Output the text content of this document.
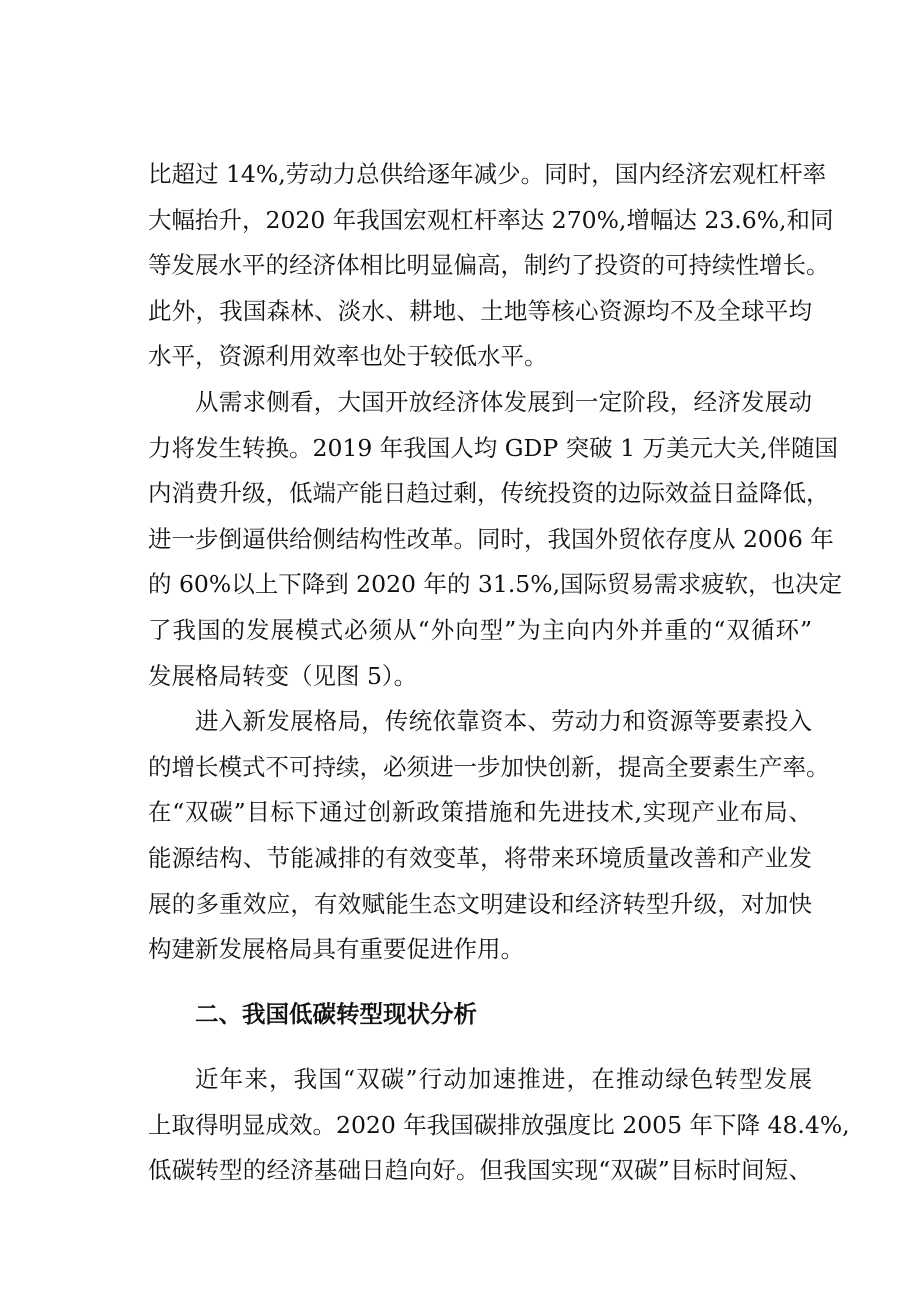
比超过 14%,劳动力总供给逐年减少。同时，国内经济宏观杠杆率
大幅抬升，2020 年我国宏观杠杆率达 270%,增幅达 23.6%,和同
等发展水平的经济体相比明显偏高，制约了投资的可持续性增长。
此外，我国森林、淡水、耕地、土地等核心资源均不及全球平均
水平，资源利用效率也处于较低水平。
从需求侧看，大国开放经济体发展到一定阶段，经济发展动
力将发生转换。2019 年我国人均 GDP 突破 1 万美元大关,伴随国
内消费升级，低端产能日趋过剩，传统投资的边际效益日益降低，
进一步倒逼供给侧结构性改革。同时，我国外贸依存度从 2006 年
的 60%以上下降到 2020 年的 31.5%,国际贸易需求疲软，也决定
了我国的发展模式必须从“外向型”为主向内外并重的“双循环”
发展格局转变（见图 5）。
进入新发展格局，传统依靠资本、劳动力和资源等要素投入
的增长模式不可持续，必须进一步加快创新，提高全要素生产率。
在“双碳”目标下通过创新政策措施和先进技术,实现产业布局、
能源结构、节能减排的有效变革，将带来环境质量改善和产业发
展的多重效应，有效赋能生态文明建设和经济转型升级，对加快
构建新发展格局具有重要促进作用。
二、我国低碳转型现状分析
近年来，我国“双碳”行动加速推进，在推动绿色转型发展
上取得明显成效。2020 年我国碳排放强度比 2005 年下降 48.4%,
低碳转型的经济基础日趋向好。但我国实现“双碳”目标时间短、
